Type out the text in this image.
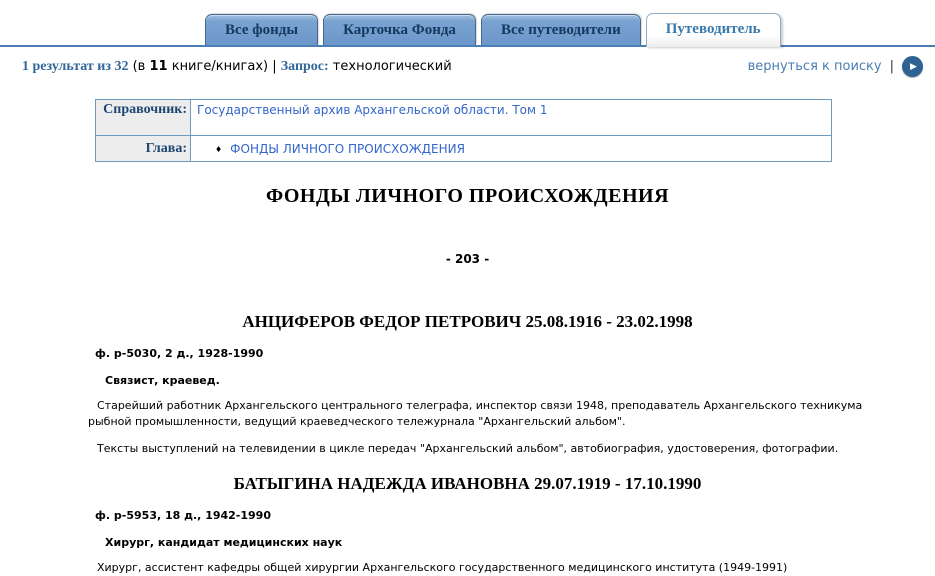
Все фонды	Карточка Фонда	Все путеводители	Путеводитель
1 результат из 32 (в 11 книге/книгах) | Запрос: технологический	вернуться к поиску | ▶
Справочник:	Государственный архив Архангельской области. Том 1
Глава:	♦ ФОНДЫ ЛИЧНОГО ПРОИСХОЖДЕНИЯ
ФОНДЫ ЛИЧНОГО ПРОИСХОЖДЕНИЯ
- 203 -
АНЦИФЕРОВ ФЕДОР ПЕТРОВИЧ 25.08.1916 - 23.02.1998
ф. р-5030, 2 д., 1928-1990
Связист, краевед.
Старейший работник Архангельского центрального телеграфа, инспектор связи 1948, преподаватель Архангельского техникума рыбной промышленности, ведущий краеведческого тележурнала "Архангельский альбом".
Тексты выступлений на телевидении в цикле передач "Архангельский альбом", автобиография, удостоверения, фотографии.
БАТЫГИНА НАДЕЖДА ИВАНОВНА 29.07.1919 - 17.10.1990
ф. р-5953, 18 д., 1942-1990
Хирург, кандидат медицинских наук
Хирург, ассистент кафедры общей хирургии Архангельского государственного медицинского института (1949-1991)
